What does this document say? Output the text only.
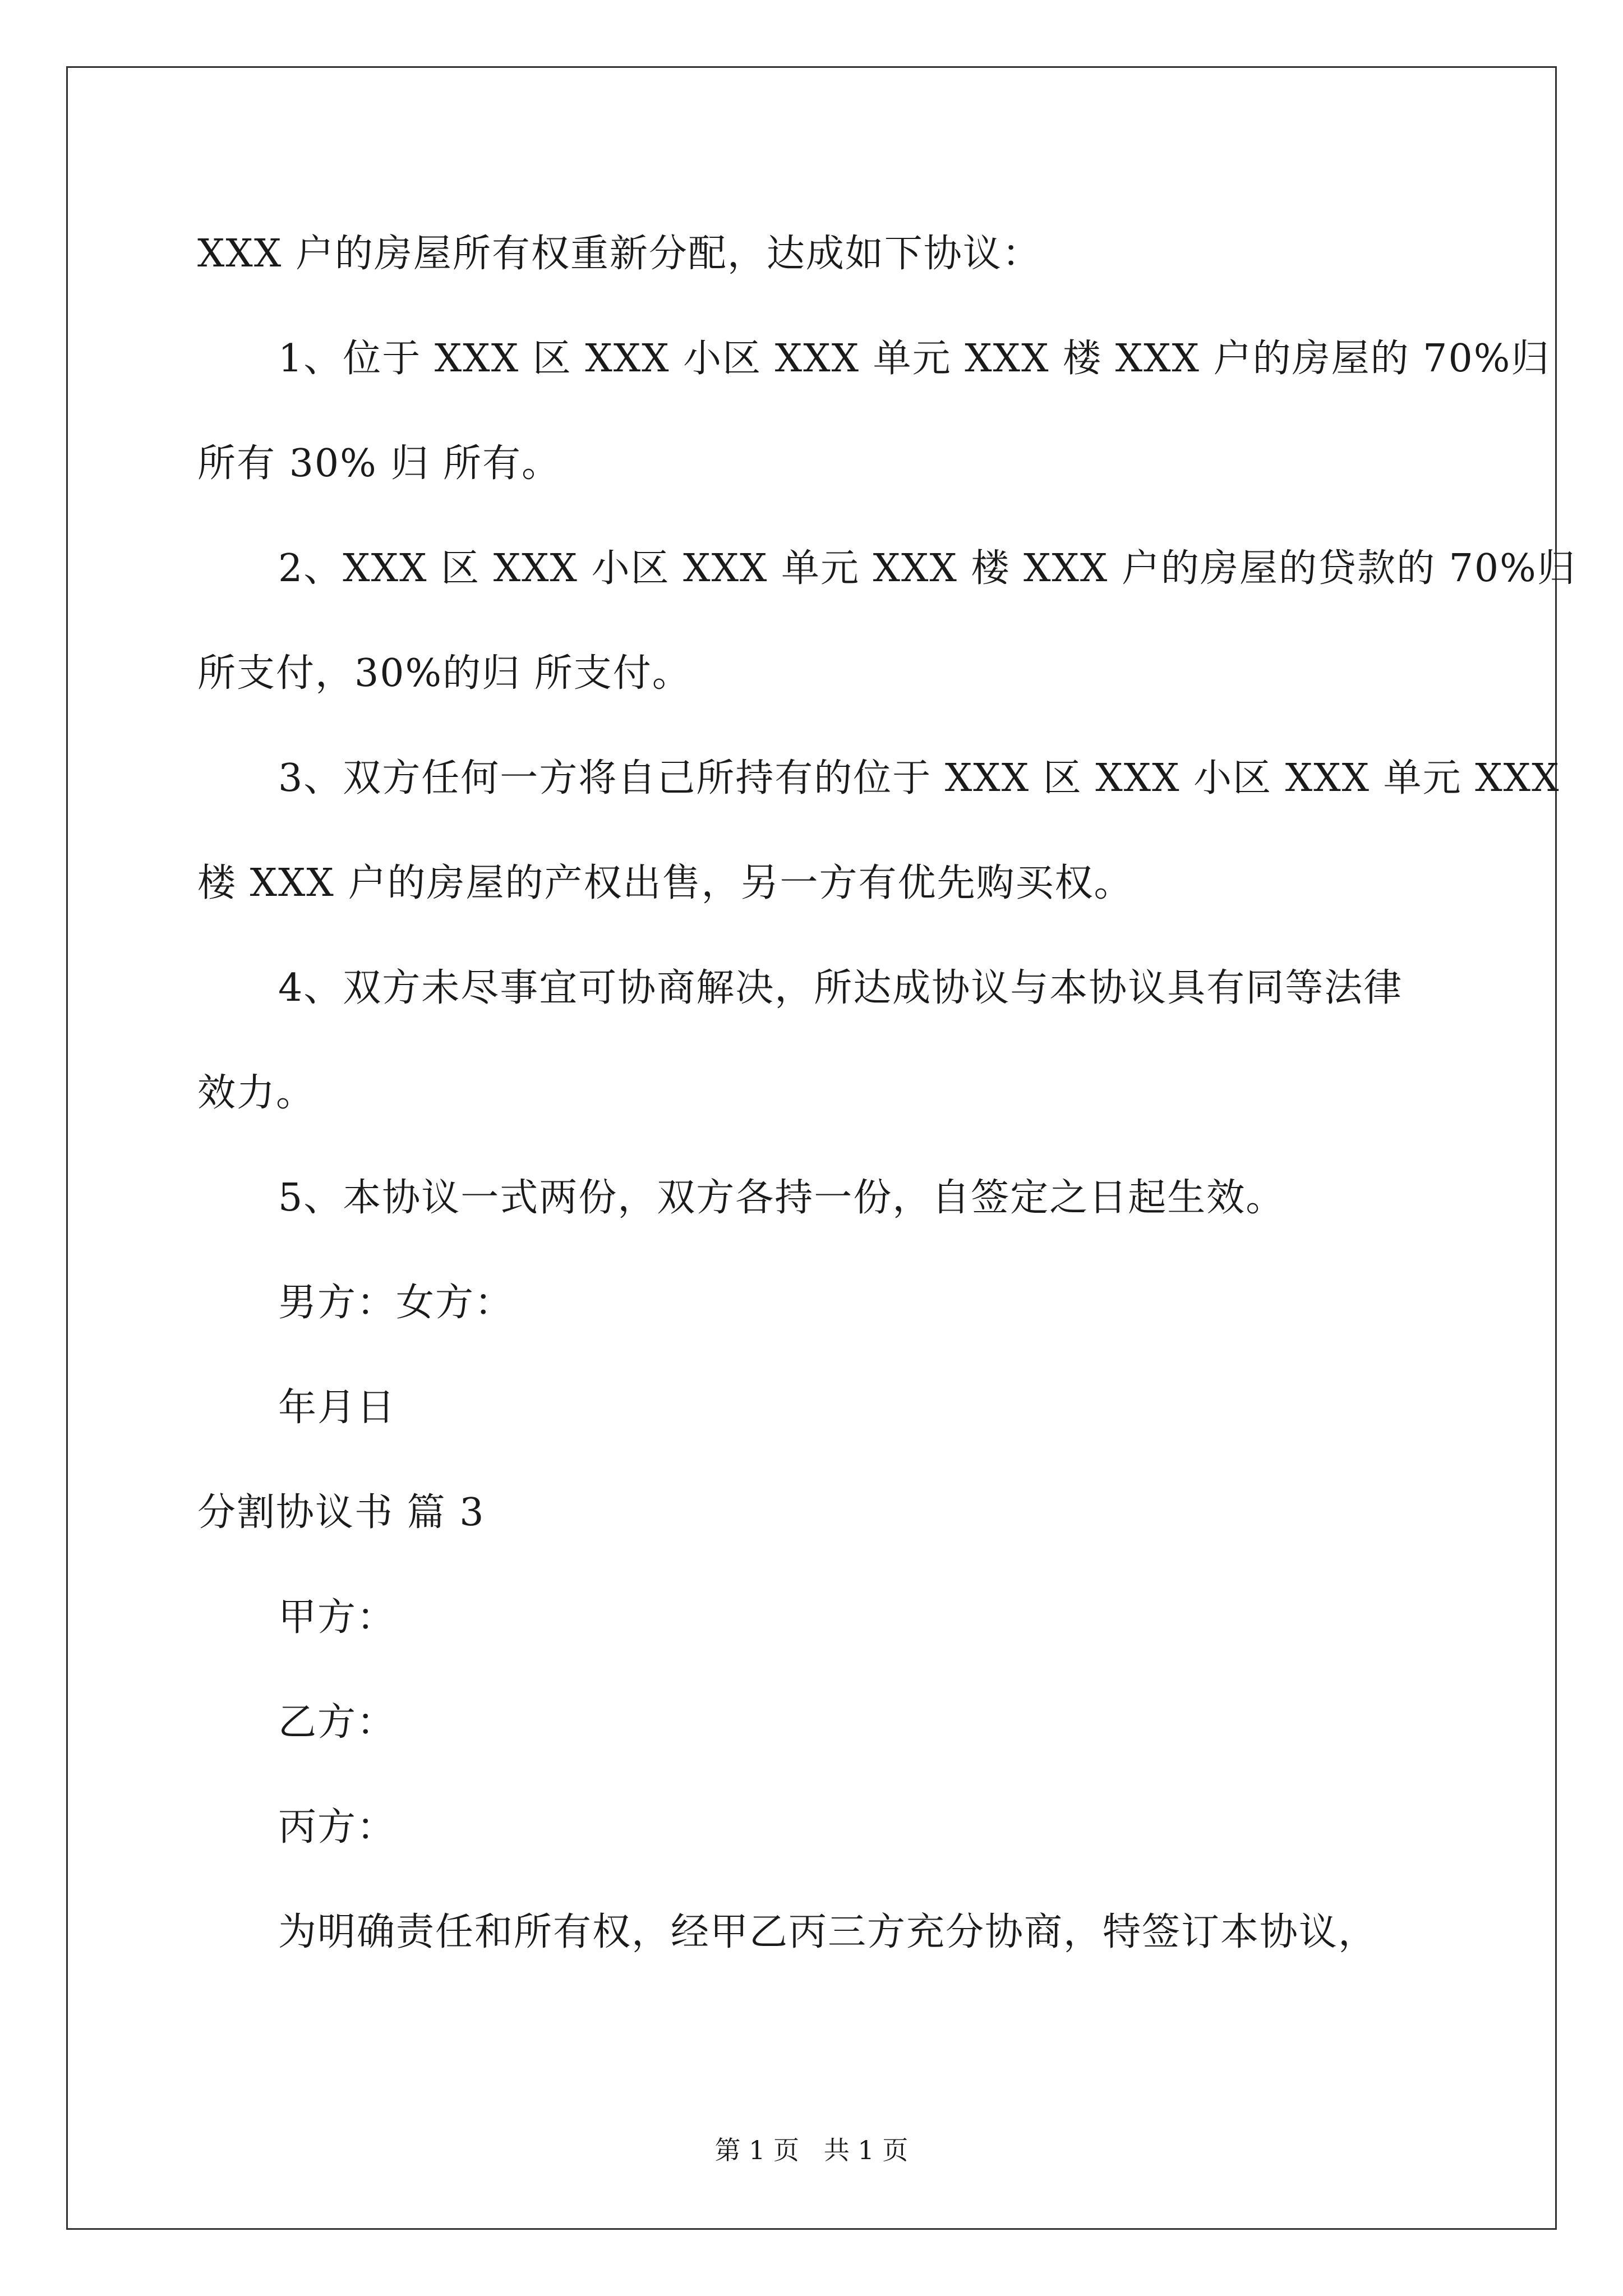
XXX 户的房屋所有权重新分配，达成如下协议：
1、位于 XXX 区 XXX 小区 XXX 单元 XXX 楼 XXX 户的房屋的 70%归
所有 30% 归 所有。
2、XXX 区 XXX 小区 XXX 单元 XXX 楼 XXX 户的房屋的贷款的 70%归
所支付，30%的归 所支付。
3、双方任何一方将自己所持有的位于 XXX 区 XXX 小区 XXX 单元 XXX
楼 XXX 户的房屋的产权出售，另一方有优先购买权。
4、双方未尽事宜可协商解决，所达成协议与本协议具有同等法律
效力。
5、本协议一式两份，双方各持一份，自签定之日起生效。
男方：女方：
年月日
分割协议书 篇 3
甲方：
乙方：
丙方：
为明确责任和所有权，经甲乙丙三方充分协商，特签订本协议，
第 1 页   共 1 页
